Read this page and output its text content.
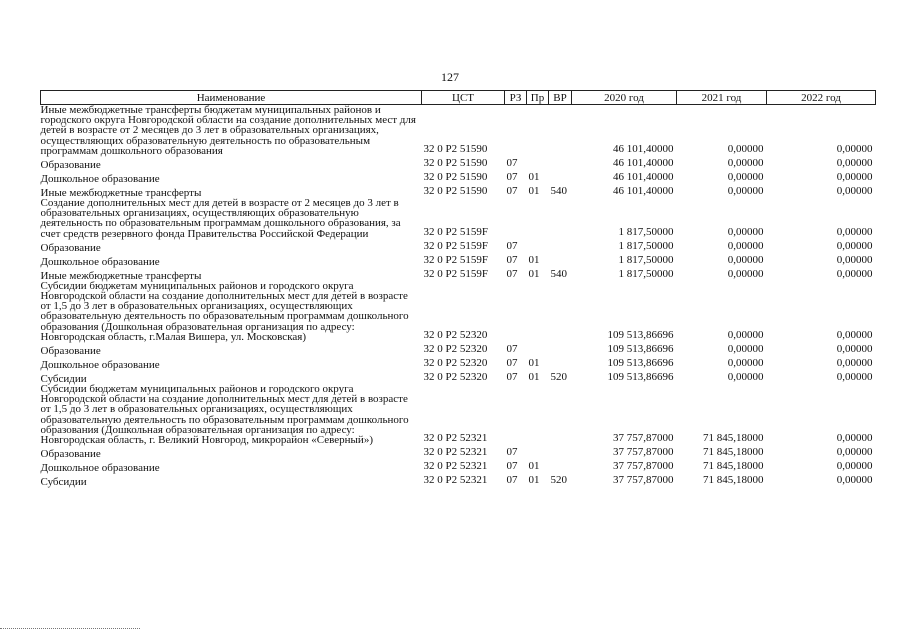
127
Наименование	ЦСТ	РЗ	Пр	ВР	2020 год	2021 год	2022 год
Иные межбюджетные трансферты бюджетам муниципальных районов и городского округа Новгородской области на создание дополнительных мест для детей в возрасте от 2 месяцев до 3 лет в образовательных организациях, осуществляющих образовательную деятельность по образовательным программам дошкольного образования	32 0 P2 51590				46 101,40000	0,00000	0,00000
Образование	32 0 P2 51590	07			46 101,40000	0,00000	0,00000
Дошкольное образование	32 0 P2 51590	07	01		46 101,40000	0,00000	0,00000
Иные межбюджетные трансферты	32 0 P2 51590	07	01	540	46 101,40000	0,00000	0,00000
Создание дополнительных мест для детей в возрасте от 2 месяцев до 3 лет в образовательных организациях, осуществляющих образовательную деятельность по образовательным программам дошкольного образования, за счет средств резервного фонда Правительства Российской Федерации	32 0 P2 5159F				1 817,50000	0,00000	0,00000
Образование	32 0 P2 5159F	07			1 817,50000	0,00000	0,00000
Дошкольное образование	32 0 P2 5159F	07	01		1 817,50000	0,00000	0,00000
Иные межбюджетные трансферты	32 0 P2 5159F	07	01	540	1 817,50000	0,00000	0,00000
Субсидии бюджетам муниципальных районов и городского округа Новгородской области на создание дополнительных мест для детей в возрасте от 1,5 до 3 лет в образовательных организациях, осуществляющих образовательную деятельность по образовательным программам дошкольного образования (Дошкольная образовательная организация по адресу: Новгородская область, г.Малая Вишера, ул. Московская)	32 0 P2 52320				109 513,86696	0,00000	0,00000
Образование	32 0 P2 52320	07			109 513,86696	0,00000	0,00000
Дошкольное образование	32 0 P2 52320	07	01		109 513,86696	0,00000	0,00000
Субсидии	32 0 P2 52320	07	01	520	109 513,86696	0,00000	0,00000
Субсидии бюджетам муниципальных районов и городского округа Новгородской области на создание дополнительных мест для детей в возрасте от 1,5 до 3 лет в образовательных организациях, осуществляющих образовательную деятельность по образовательным программам дошкольного образования (Дошкольная образовательная организация по адресу: Новгородская область, г. Великий Новгород, микрорайон «Северный»)	32 0 P2 52321				37 757,87000	71 845,18000	0,00000
Образование	32 0 P2 52321	07			37 757,87000	71 845,18000	0,00000
Дошкольное образование	32 0 P2 52321	07	01		37 757,87000	71 845,18000	0,00000
Субсидии	32 0 P2 52321	07	01	520	37 757,87000	71 845,18000	0,00000
